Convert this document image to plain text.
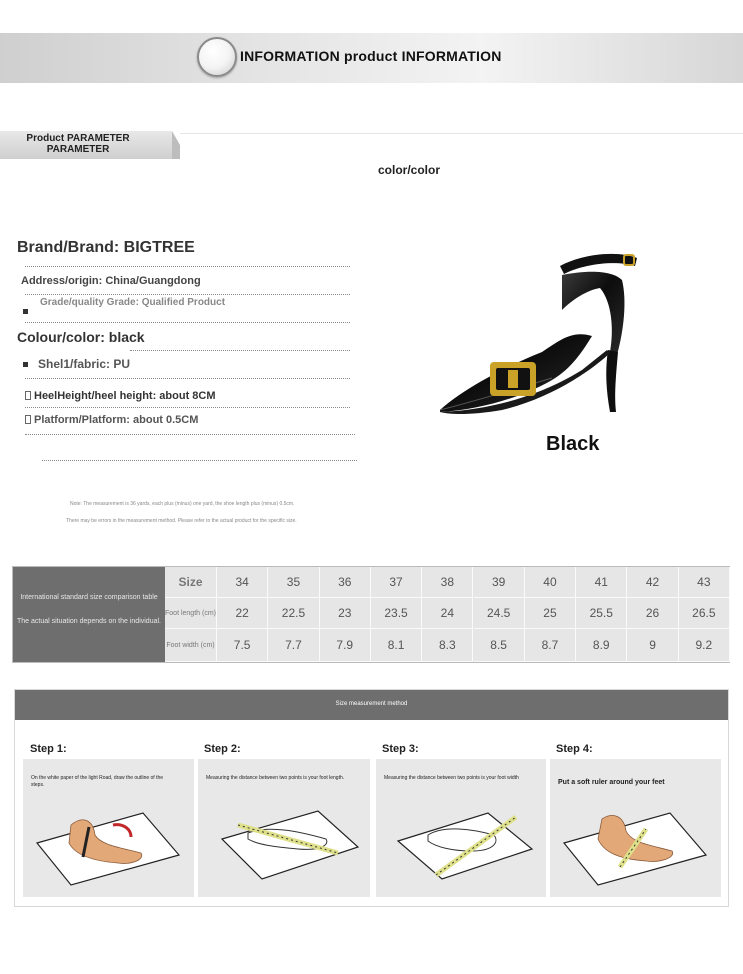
INFORMATION product INFORMATION
Product PARAMETER PARAMETER
color/color
Brand/Brand: BIGTREE
Address/origin: China/Guangdong
Grade/quality Grade: Qualified Product
Colour/color: black
Shel1/fabric: PU
HeelHeight/heel height: about 8CM
Platform/Platform: about 0.5CM
Note: The measurement is 36 yards, each plus (minus) one yard, the shoe length plus (minus) 0.5cm.
There may be errors in the measurement method. Please refer to the actual product for the specific size.
Black
International standard size comparison table
The actual situation depends on the individual.
Size	34	35	36	37	38	39	40	41	42	43
Foot length (cm)	22	22.5	23	23.5	24	24.5	25	25.5	26	26.5
Foot width (cm)	7.5	7.7	7.9	8.1	8.3	8.5	8.7	8.9	9	9.2
Size measurement method
Step 1:	Step 2:	Step 3:	Step 4:
On the white paper of the light Road, draw the outline of the steps.
Measuring the distance between two points is your foot length.	Measuring the distance between two points is your foot width
Put a soft ruler around your feet
